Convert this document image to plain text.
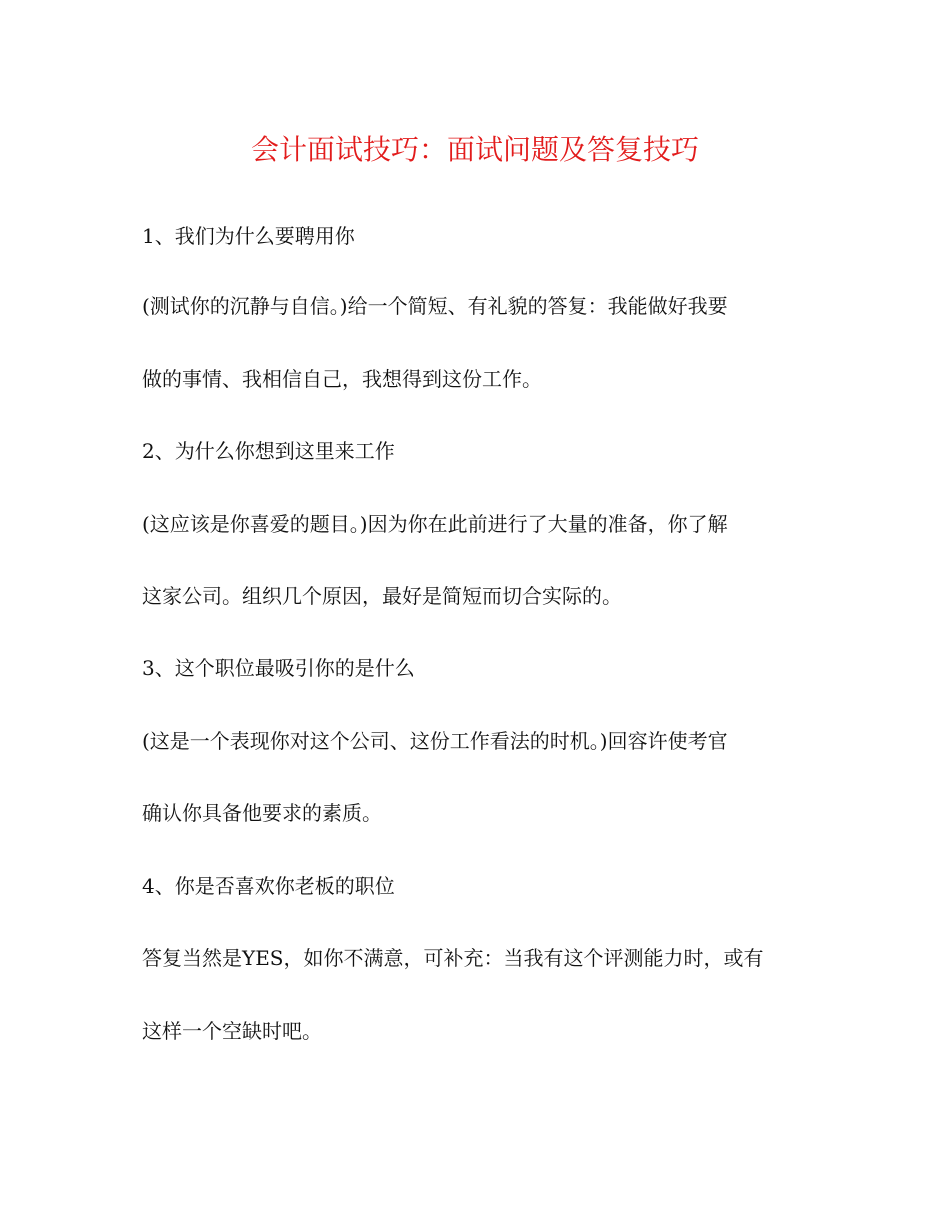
会计面试技巧：面试问题及答复技巧
1、我们为什么要聘用你
(测试你的沉静与自信。)给一个简短、有礼貌的答复：我能做好我要
做的事情、我相信自己，我想得到这份工作。
2、为什么你想到这里来工作
(这应该是你喜爱的题目。)因为你在此前进行了大量的准备，你了解
这家公司。组织几个原因，最好是简短而切合实际的。
3、这个职位最吸引你的是什么
(这是一个表现你对这个公司、这份工作看法的时机。)回容许使考官
确认你具备他要求的素质。
4、你是否喜欢你老板的职位
答复当然是YES，如你不满意，可补充：当我有这个评测能力时，或有
这样一个空缺时吧。
